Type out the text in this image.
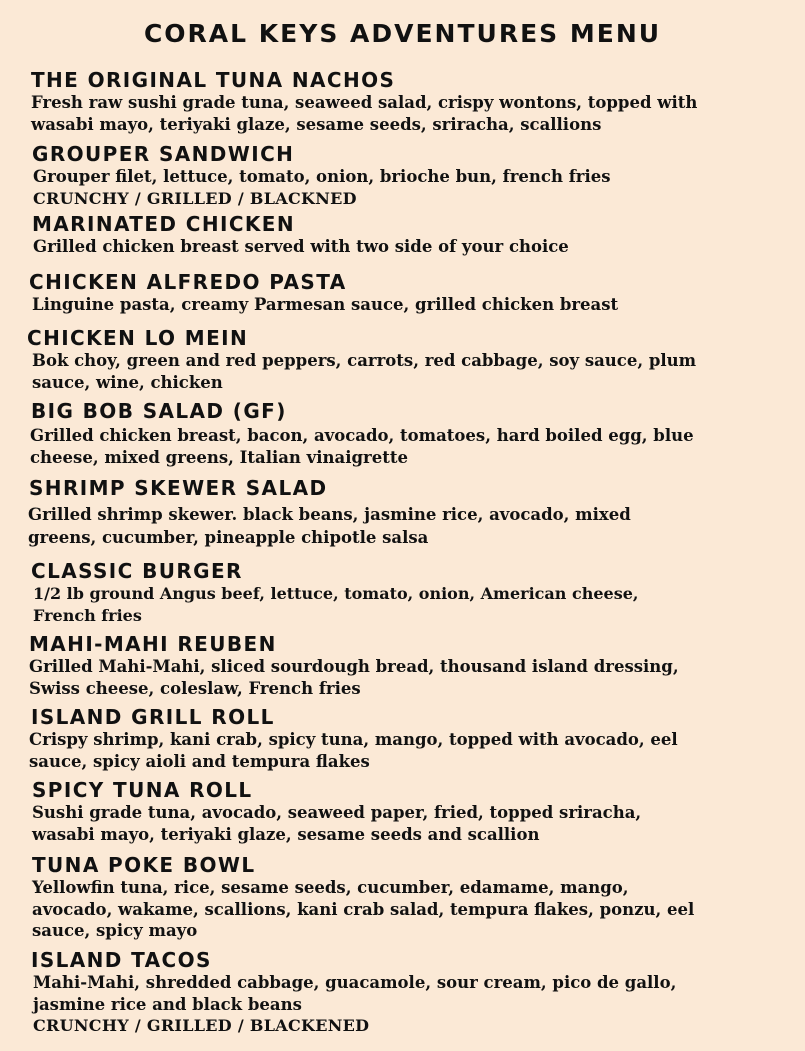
CORAL KEYS ADVENTURES MENU
THE ORIGINAL TUNA NACHOS
Fresh raw sushi grade tuna, seaweed salad, crispy wontons, topped with
wasabi mayo, teriyaki glaze, sesame seeds, sriracha, scallions
GROUPER SANDWICH
Grouper filet, lettuce, tomato, onion, brioche bun, french fries
CRUNCHY / GRILLED / BLACKNED
MARINATED CHICKEN
Grilled chicken breast served with two side of your choice
CHICKEN ALFREDO PASTA
Linguine pasta, creamy Parmesan sauce, grilled chicken breast
CHICKEN LO MEIN
Bok choy, green and red peppers, carrots, red cabbage, soy sauce, plum
sauce, wine, chicken
BIG BOB SALAD (GF)
Grilled chicken breast, bacon, avocado, tomatoes, hard boiled egg, blue
cheese, mixed greens, Italian vinaigrette
SHRIMP SKEWER SALAD
Grilled shrimp skewer. black beans, jasmine rice, avocado, mixed
greens, cucumber, pineapple chipotle salsa
CLASSIC BURGER
1/2 lb ground Angus beef, lettuce, tomato, onion, American cheese,
French fries
MAHI-MAHI REUBEN
Grilled Mahi-Mahi, sliced sourdough bread, thousand island dressing,
Swiss cheese, coleslaw, French fries
ISLAND GRILL ROLL
Crispy shrimp, kani crab, spicy tuna, mango, topped with avocado, eel
sauce, spicy aioli and tempura flakes
SPICY TUNA ROLL
Sushi grade tuna, avocado, seaweed paper, fried, topped sriracha,
wasabi mayo, teriyaki glaze, sesame seeds and scallion
TUNA POKE BOWL
Yellowfin tuna, rice, sesame seeds, cucumber, edamame, mango,
avocado, wakame, scallions, kani crab salad, tempura flakes, ponzu, eel
sauce, spicy mayo
ISLAND TACOS
Mahi-Mahi, shredded cabbage, guacamole, sour cream, pico de gallo,
jasmine rice and black beans
CRUNCHY / GRILLED / BLACKENED
